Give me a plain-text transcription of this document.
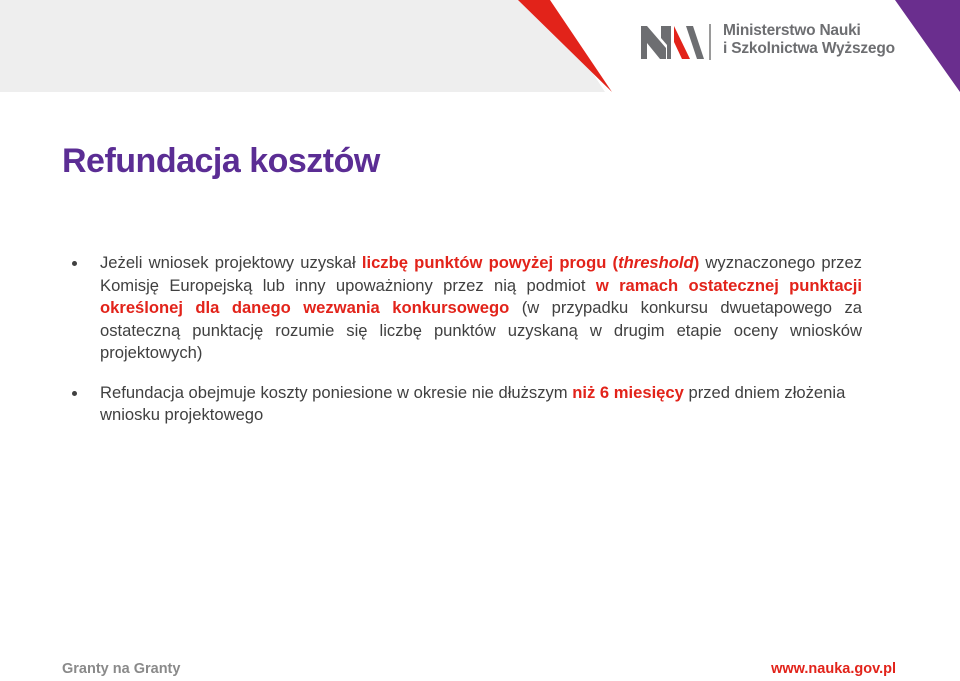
Ministerstwo Nauki
i Szkolnictwa Wyższego
Refundacja kosztów
Jeżeli wniosek projektowy uzyskał liczbę punktów powyżej progu (threshold) wyznaczonego przez Komisję Europejską lub inny upoważniony przez nią podmiot w ramach ostatecznej punktacji określonej dla danego wezwania konkursowego (w przypadku konkursu dwuetapowego za ostateczną punktację rozumie się liczbę punktów uzyskaną w drugim etapie oceny wniosków projektowych)
Refundacja obejmuje koszty poniesione w okresie nie dłuższym niż 6 miesięcy przed dniem złożenia wniosku projektowego
Granty na Granty	www.nauka.gov.pl
